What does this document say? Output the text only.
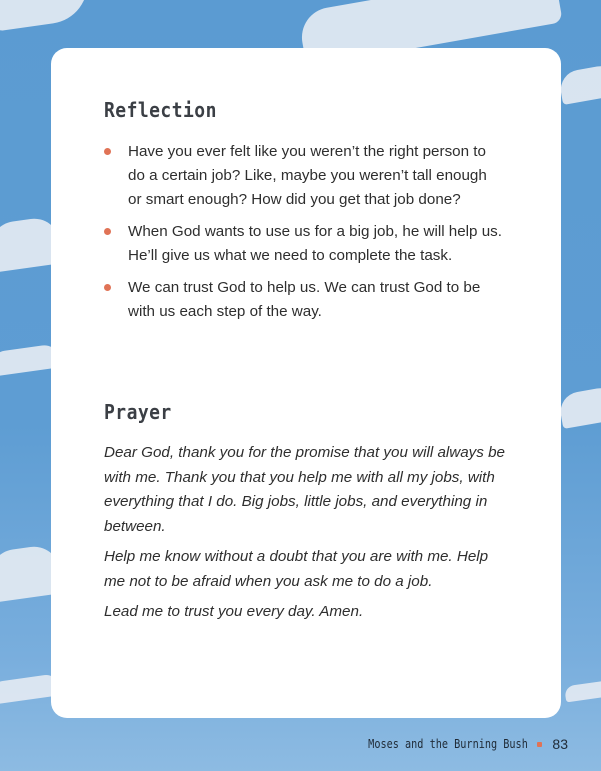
Reflection
Have you ever felt like you weren’t the right person to do a certain job? Like, maybe you weren’t tall enough or smart enough? How did you get that job done?
When God wants to use us for a big job, he will help us. He’ll give us what we need to complete the task.
We can trust God to help us. We can trust God to be with us each step of the way.
Prayer

Dear God, thank you for the promise that you will always be with me. Thank you that you help me with all my jobs, with everything that I do. Big jobs, little jobs, and everything in between.

Help me know without a doubt that you are with me. Help me not to be afraid when you ask me to do a job.

Lead me to trust you every day. Amen.

Moses and the Burning Bush 83
